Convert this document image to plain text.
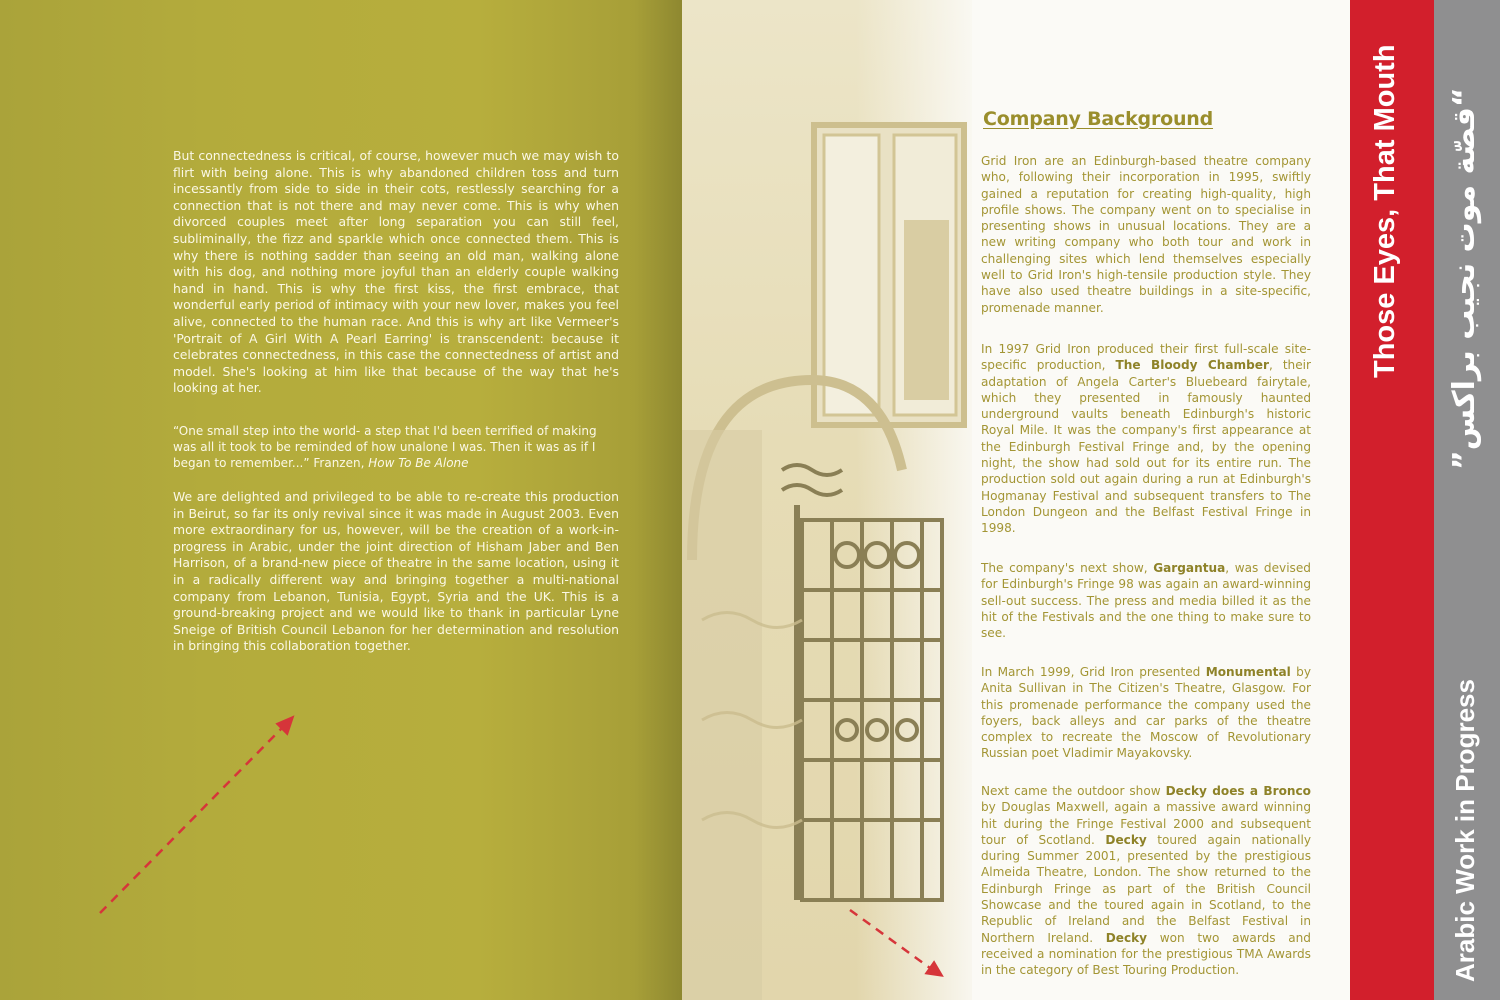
But connectedness is critical, of course, however much we may wish to flirt with being alone. This is why abandoned children toss and turn incessantly from side to side in their cots, restlessly searching for a connection that is not there and may never come. This is why when divorced couples meet after long separation you can still feel, subliminally, the fizz and sparkle which once connected them. This is why there is nothing sadder than seeing an old man, walking alone with his dog, and nothing more joyful than an elderly couple walking hand in hand. This is why the first kiss, the first embrace, that wonderful early period of intimacy with your new lover, makes you feel alive, connected to the human race. And this is why art like Vermeer's 'Portrait of A Girl With A Pearl Earring' is transcendent: because it celebrates connectedness, in this case the connectedness of artist and model. She's looking at him like that because of the way that he's looking at her.

“One small step into the world- a step that I'd been terrified of making was all it took to be reminded of how unalone I was. Then it was as if I began to remember...” Franzen, How To Be Alone

We are delighted and privileged to be able to re-create this production in Beirut, so far its only revival since it was made in August 2003. Even more extraordinary for us, however, will be the creation of a work-in-progress in Arabic, under the joint direction of Hisham Jaber and Ben Harrison, of a brand-new piece of theatre in the same location, using it in a radically different way and bringing together a multi-national company from Lebanon, Tunisia, Egypt, Syria and the UK. This is a ground-breaking project and we would like to thank in particular Lyne Sneige of British Council Lebanon for her determination and resolution in bringing this collaboration together.

Company Background

Grid Iron are an Edinburgh-based theatre company who, following their incorporation in 1995, swiftly gained a reputation for creating high-quality, high profile shows. The company went on to specialise in presenting shows in unusual locations. They are a new writing company who both tour and work in challenging sites which lend themselves especially well to Grid Iron's high-tensile production style. They have also used theatre buildings in a site-specific, promenade manner.

In 1997 Grid Iron produced their first full-scale site-specific production, The Bloody Chamber, their adaptation of Angela Carter's Bluebeard fairytale, which they presented in famously haunted underground vaults beneath Edinburgh's historic Royal Mile. It was the company's first appearance at the Edinburgh Festival Fringe and, by the opening night, the show had sold out for its entire run. The production sold out again during a run at Edinburgh's Hogmanay Festival and subsequent transfers to The London Dungeon and the Belfast Festival Fringe in 1998.

The company's next show, Gargantua, was devised for Edinburgh's Fringe 98 was again an award-winning sell-out success. The press and media billed it as the hit of the Festivals and the one thing to make sure to see.

In March 1999, Grid Iron presented Monumental by Anita Sullivan in The Citizen's Theatre, Glasgow. For this promenade performance the company used the foyers, back alleys and car parks of the theatre complex to recreate the Moscow of Revolutionary Russian poet Vladimir Mayakovsky.

Next came the outdoor show Decky does a Bronco by Douglas Maxwell, again a massive award winning hit during the Fringe Festival 2000 and subsequent tour of Scotland. Decky toured again nationally during Summer 2001, presented by the prestigious Almeida Theatre, London. The show returned to the Edinburgh Fringe as part of the British Council Showcase and the toured again in Scotland, to the Republic of Ireland and the Belfast Festival in Northern Ireland. Decky won two awards and received a nomination for the prestigious TMA Awards in the category of Best Touring Production.

Those Eyes, That Mouth “قصّة موت نجيب براكس”
Arabic Work in Progress
